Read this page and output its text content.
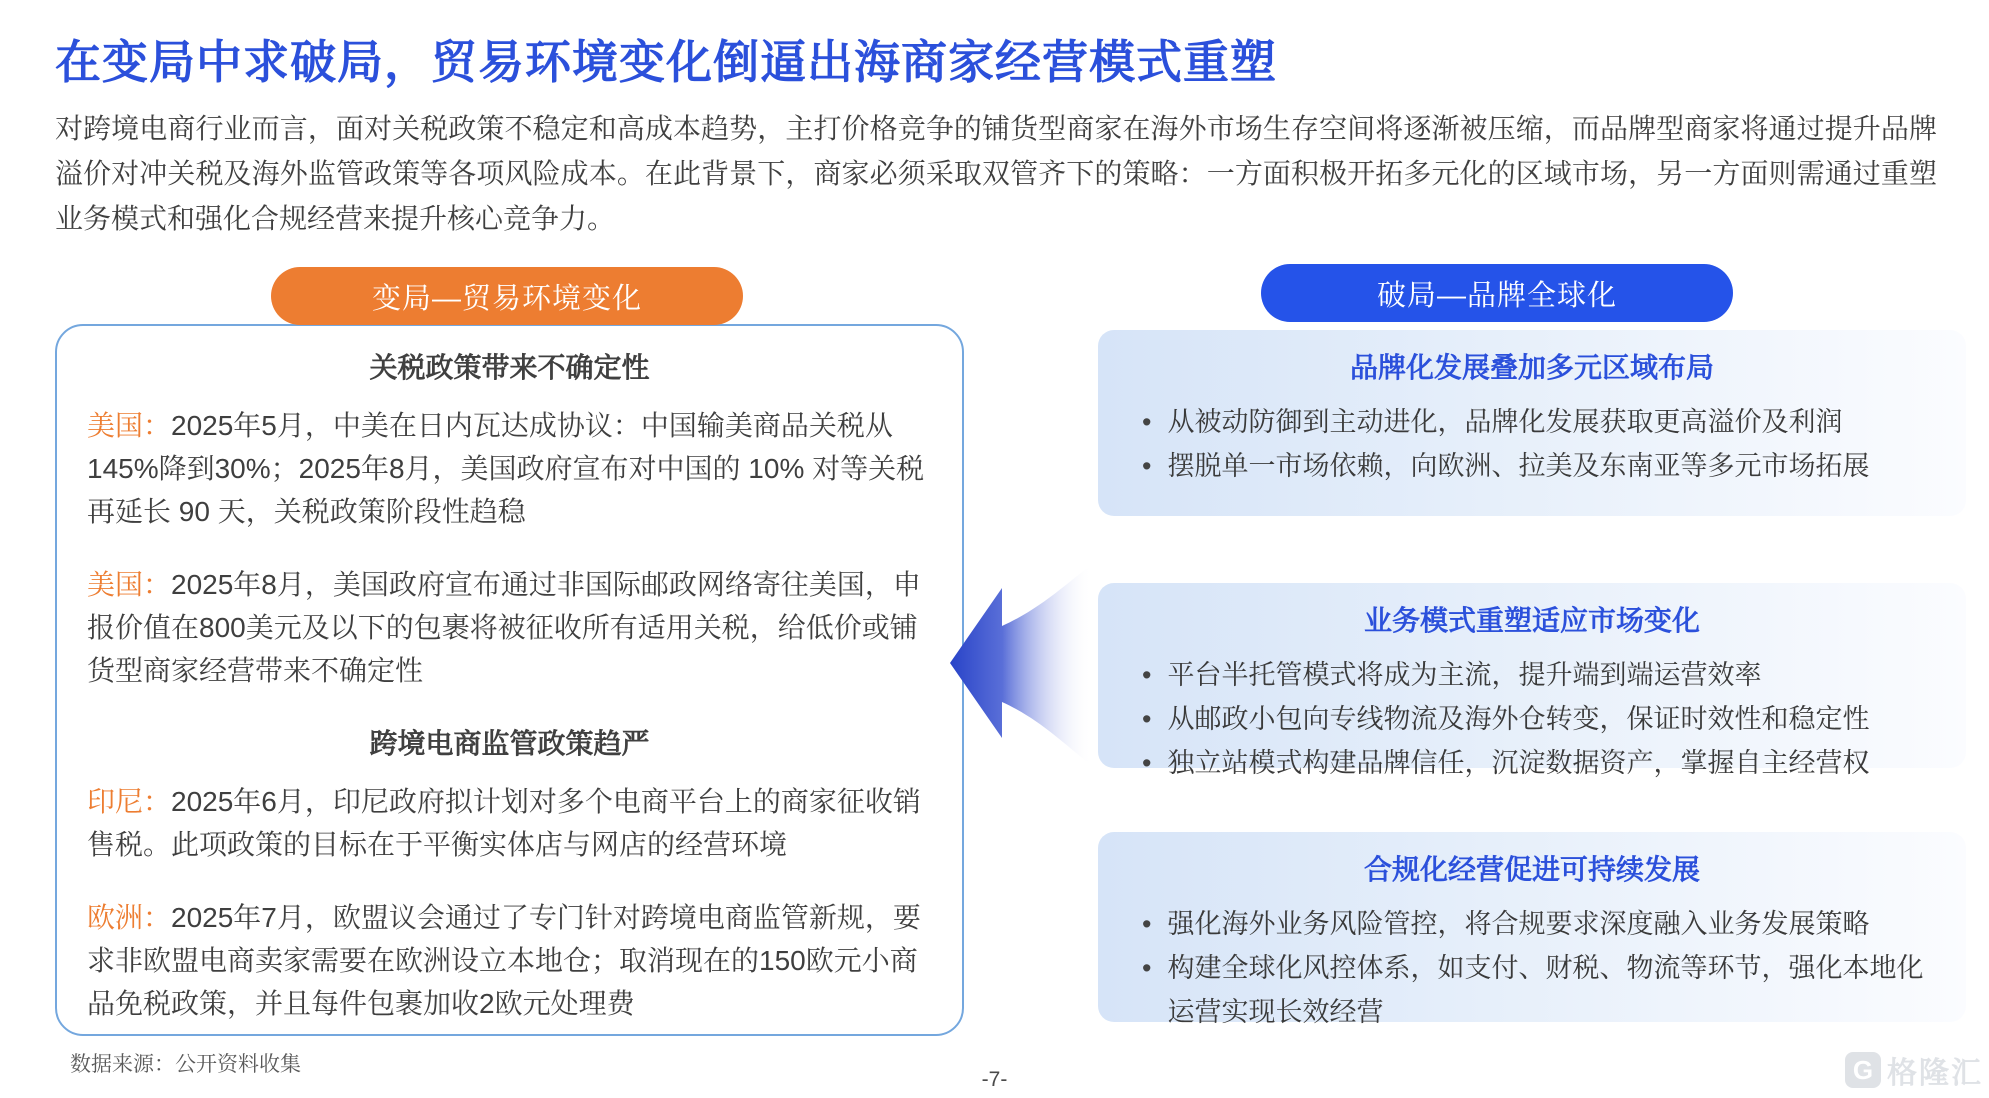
在变局中求破局，贸易环境变化倒逼出海商家经营模式重塑

对跨境电商行业而言，面对关税政策不稳定和高成本趋势，主打价格竞争的铺货型商家在海外市场生存空间将逐渐被压缩，而品牌型商家将通过提升品牌溢价对冲关税及海外监管政策等各项风险成本。在此背景下，商家必须采取双管齐下的策略：一方面积极开拓多元化的区域市场，另一方面则需通过重塑业务模式和强化合规经营来提升核心竞争力。

变局—贸易环境变化	破局—品牌全球化
关税政策带来不确定性

美国：2025年5月，中美在日内瓦达成协议：中国输美商品关税从145%降到30%；2025年8月，美国政府宣布对中国的 10% 对等关税再延长 90 天，关税政策阶段性趋稳

美国：2025年8月，美国政府宣布通过非国际邮政网络寄往美国，申报价值在800美元及以下的包裹将被征收所有适用关税，给低价或铺货型商家经营带来不确定性

跨境电商监管政策趋严

印尼：2025年6月，印尼政府拟计划对多个电商平台上的商家征收销售税。此项政策的目标在于平衡实体店与网店的经营环境

欧洲：2025年7月，欧盟议会通过了专门针对跨境电商监管新规，要求非欧盟电商卖家需要在欧洲设立本地仓；取消现在的150欧元小商品免税政策，并且每件包裹加收2欧元处理费

品牌化发展叠加多元区域布局
• 从被动防御到主动进化，品牌化发展获取更高溢价及利润
• 摆脱单一市场依赖，向欧洲、拉美及东南亚等多元市场拓展
业务模式重塑适应市场变化
• 平台半托管模式将成为主流，提升端到端运营效率
• 从邮政小包向专线物流及海外仓转变，保证时效性和稳定性
• 独立站模式构建品牌信任，沉淀数据资产，掌握自主经营权
合规化经营促进可持续发展
• 强化海外业务风险管控，将合规要求深度融入业务发展策略
• 构建全球化风控体系，如支付、财税、物流等环节，强化本地化运营实现长效经营
数据来源：公开资料收集
-7-	G 格隆汇
